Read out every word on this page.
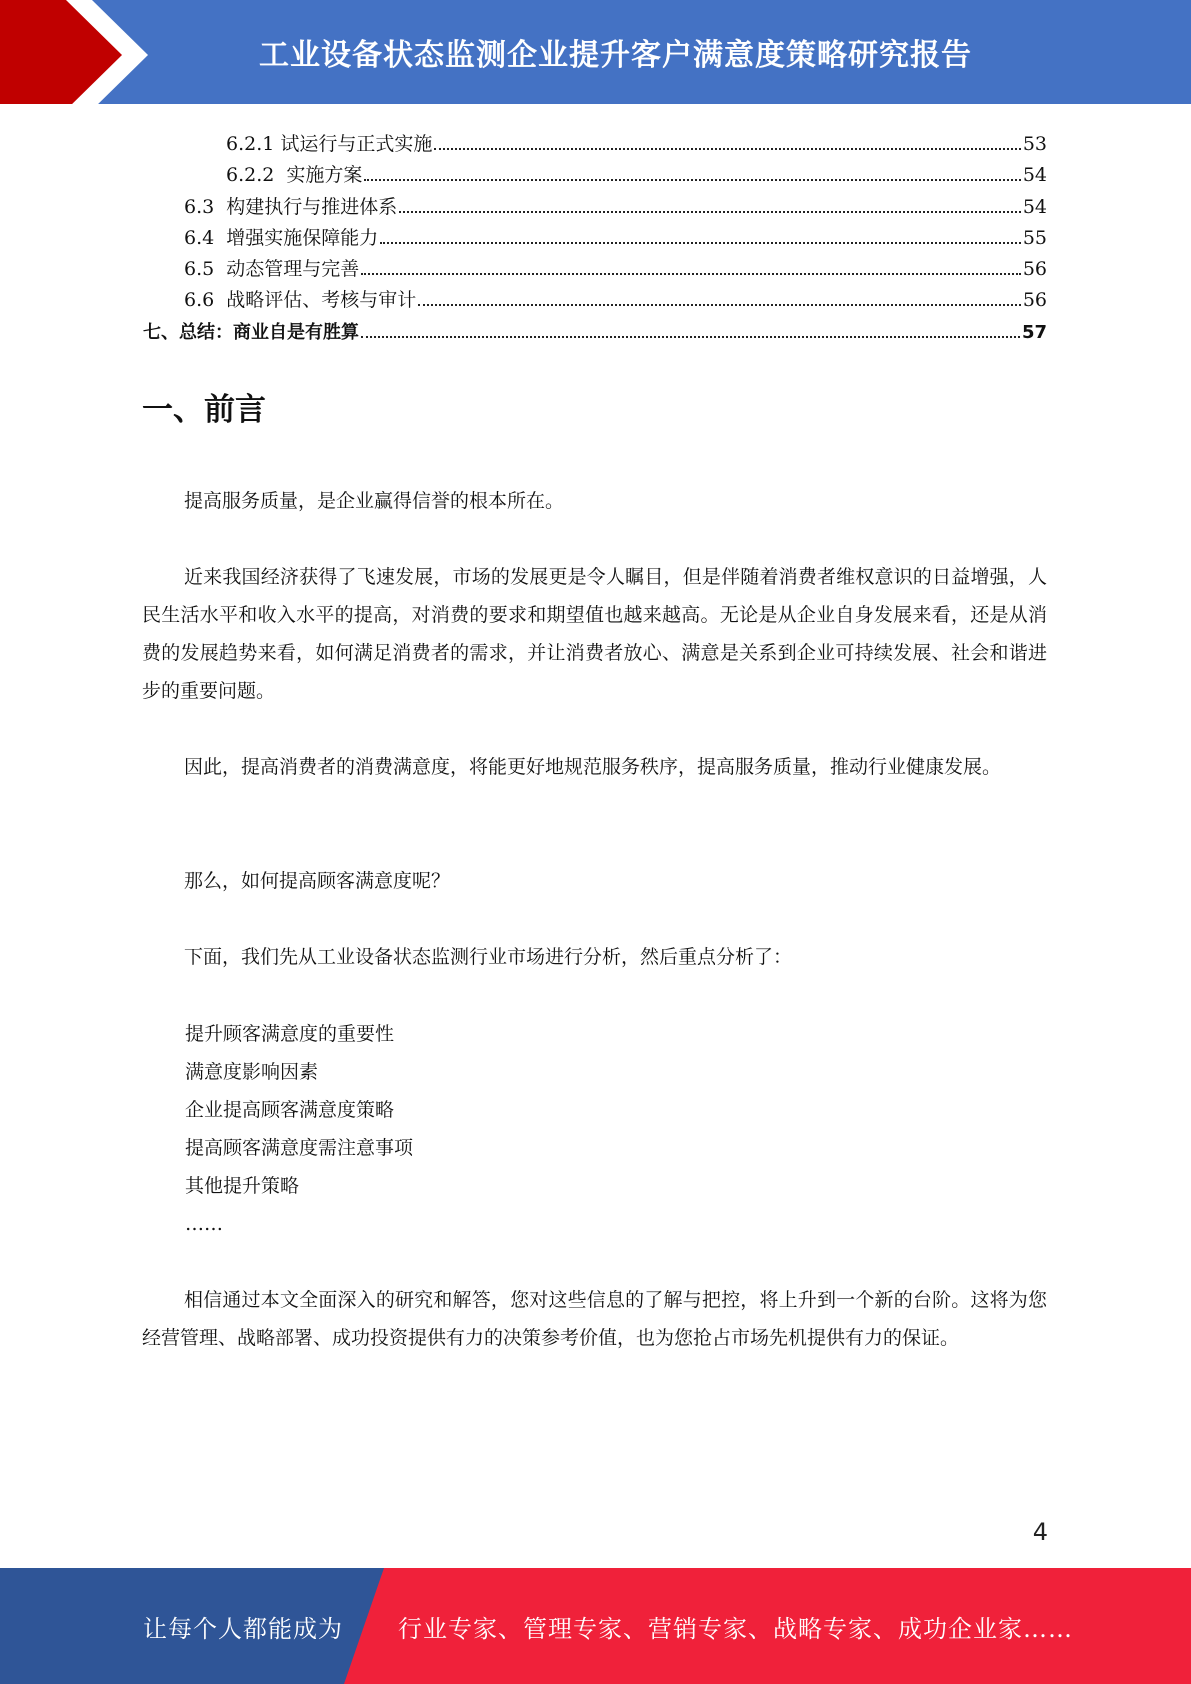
工业设备状态监测企业提升客户满意度策略研究报告
6.2.1 试运行与正式实施	53
6.2.2  实施方案	54
6.3  构建执行与推进体系	54
6.4  增强实施保障能力	55
6.5  动态管理与完善	56
6.6  战略评估、考核与审计	56
七、总结：商业自是有胜算	57
一、前言

提高服务质量，是企业赢得信誉的根本所在。

近来我国经济获得了飞速发展，市场的发展更是令人瞩目，但是伴随着消费者维权意识的日益增强，人民生活水平和收入水平的提高，对消费的要求和期望值也越来越高。无论是从企业自身发展来看，还是从消费的发展趋势来看，如何满足消费者的需求，并让消费者放心、满意是关系到企业可持续发展、社会和谐进步的重要问题。

因此，提高消费者的消费满意度，将能更好地规范服务秩序，提高服务质量，推动行业健康发展。

那么，如何提高顾客满意度呢？

下面，我们先从工业设备状态监测行业市场进行分析，然后重点分析了：

提升顾客满意度的重要性
满意度影响因素
企业提高顾客满意度策略
提高顾客满意度需注意事项
其他提升策略
……

相信通过本文全面深入的研究和解答，您对这些信息的了解与把控，将上升到一个新的台阶。这将为您经营管理、战略部署、成功投资提供有力的决策参考价值，也为您抢占市场先机提供有力的保证。

4
让每个人都能成为 行业专家、管理专家、营销专家、战略专家、成功企业家……
